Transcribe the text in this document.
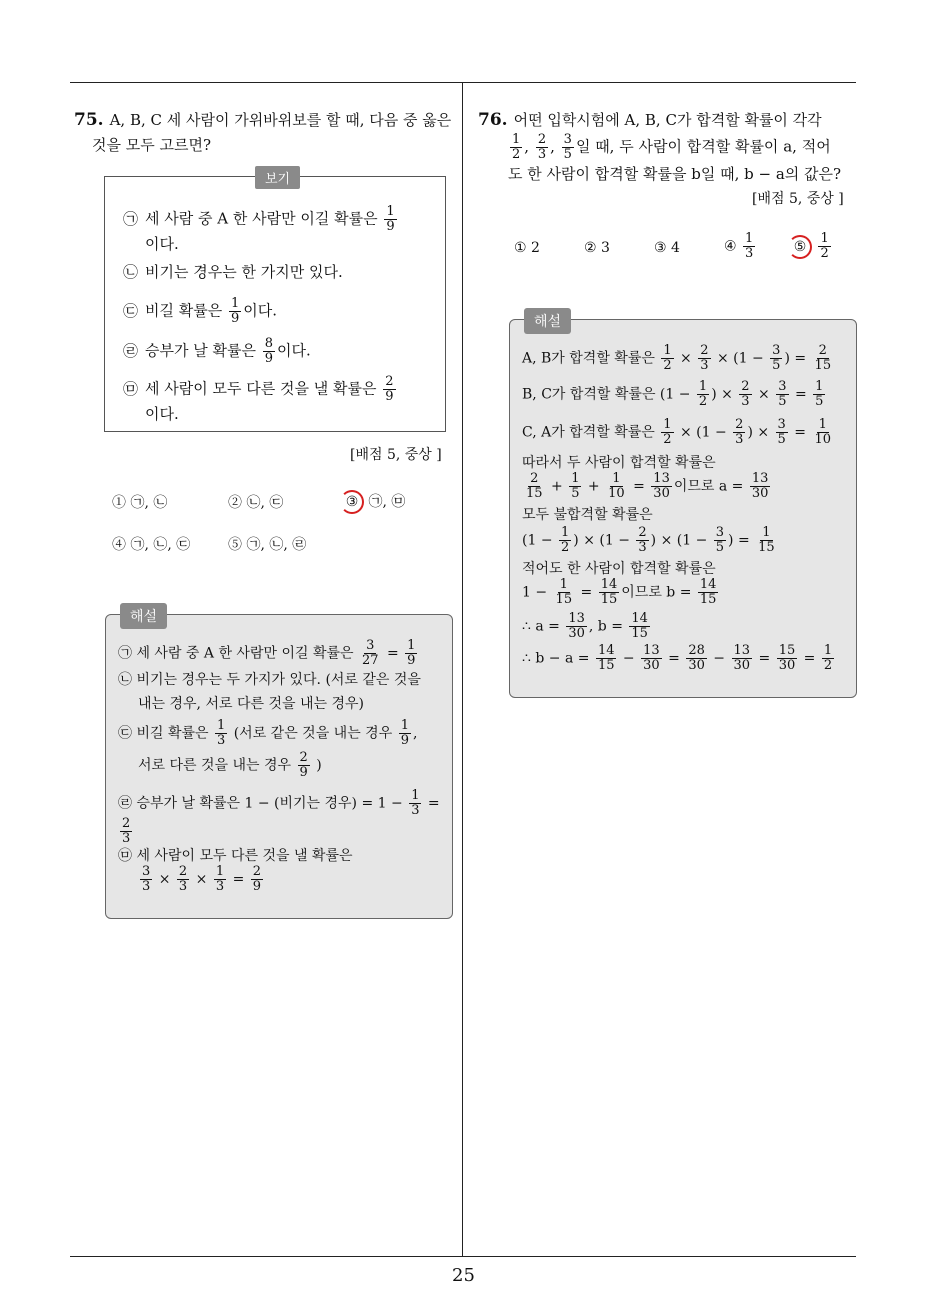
25
75. A, B, C 세 사람이 가위바위보를 할 때, 다음 중 옳은
것을 모두 고르면?
보기
㉠ 세 사람 중 A 한 사람만 이길 확률은 $\frac{1}{9}$
이다.
㉡ 비기는 경우는 한 가지만 있다.
㉢ 비길 확률은 $\frac{1}{9}$ 이다.
㉣ 승부가 날 확률은 $\frac{8}{9}$ 이다.
㉤ 세 사람이 모두 다른 것을 낼 확률은 $\frac{2}{9}$
이다.
[배점 5, 중상 ]
① ㉠, ㉡	② ㉡, ㉢	③ ㉠, ㉤
④ ㉠, ㉡, ㉢	⑤ ㉠, ㉡, ㉣
해설
㉠ 세 사람 중 A 한 사람만 이길 확률은 $\frac{3}{27} = \frac{1}{9}$
㉡ 비기는 경우는 두 가지가 있다. (서로 같은 것을
내는 경우, 서로 다른 것을 내는 경우)
㉢ 비길 확률은 $\frac{1}{3}$ (서로 같은 것을 내는 경우 $\frac{1}{9}$ ,
서로 다른 것을 내는 경우 $\frac{2}{9}$ )
㉣ 승부가 날 확률은 1 − (비기는 경우) = $1 - \frac{1}{3}$ =
$\frac{2}{3}$
㉤ 세 사람이 모두 다른 것을 낼 확률은
$\frac{3}{3} \times \frac{2}{3} \times \frac{1}{3} = \frac{2}{9}$
76. 어떤 입학시험에 A, B, C가 합격할 확률이 각각
$\frac{1}{2}$ , $\frac{2}{3}$ , $\frac{3}{5}$ 일 때, 두 사람이 합격할 확률이 a, 적어
도 한 사람이 합격할 확률을 b일 때, b − a의 값은?
[배점 5, 중상 ]
① 2	② 3	③ 4	④ $\frac{1}{3}$	⑤ $\frac{1}{2}$
해설
A, B가 합격할 확률은 $\frac{1}{2} \times \frac{2}{3} \times (1 - \frac{3}{5}$ ) = $\frac{2}{15}$
B, C가 합격할 확률은 ($1 - \frac{1}{2}$ ) × $\frac{2}{3} \times \frac{3}{5} = \frac{1}{5}$
C, A가 합격할 확률은 $\frac{1}{2} \times (1 - \frac{2}{3}$ ) × $\frac{3}{5} = \frac{1}{10}$
따라서 두 사람이 합격할 확률은
$\frac{2}{15} + \frac{1}{5} + \frac{1}{10} = \frac{13}{30}$ 이므로 $a = \frac{13}{30}$
모두 불합격할 확률은
($1 - \frac{1}{2}$ ) × ($1 - \frac{2}{3}$ ) × ($1 - \frac{3}{5}$ ) = $\frac{1}{15}$
적어도 한 사람이 합격할 확률은
$1 - \frac{1}{15} = \frac{14}{15}$ 이므로 $b = \frac{14}{15}$
∴ $a = \frac{13}{30}$ , $b = \frac{14}{15}$
∴ $b - a = \frac{14}{15} - \frac{13}{30} = \frac{28}{30} - \frac{13}{30} = \frac{15}{30} = \frac{1}{2}$
